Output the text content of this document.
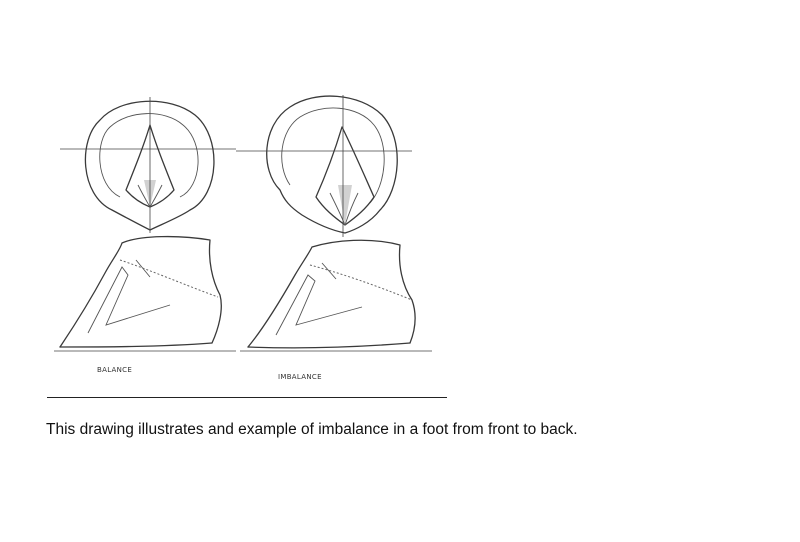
BALANCE
IMBALANCE
This drawing illustrates and example of imbalance in a foot from front to back.
